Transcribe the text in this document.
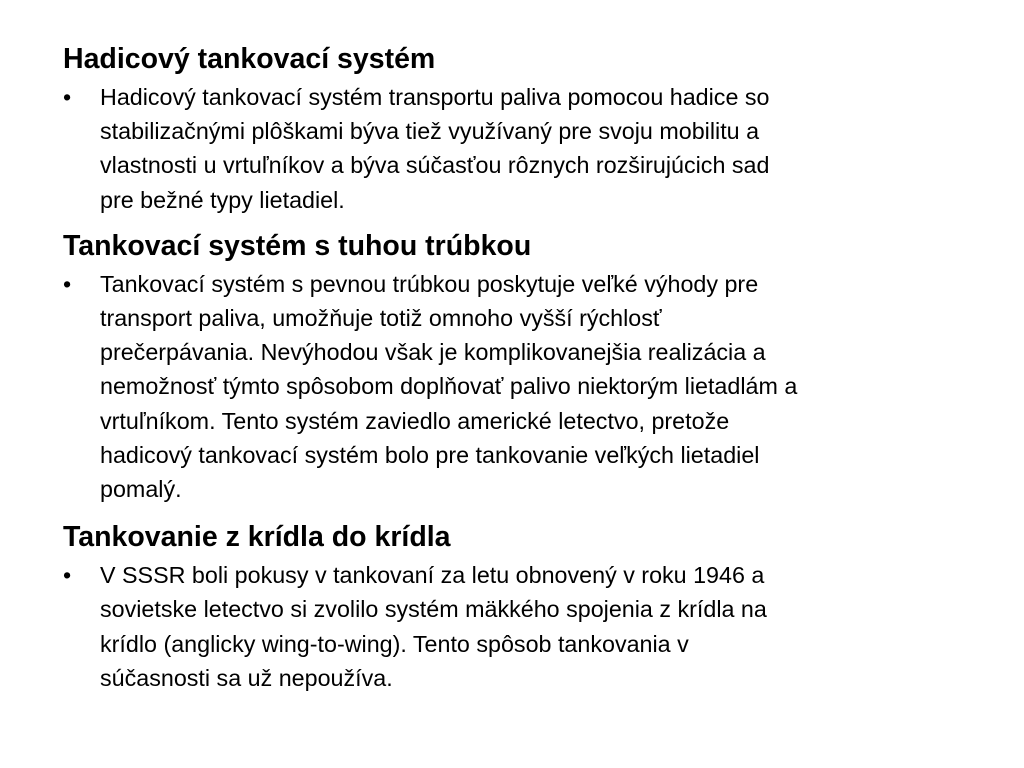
Hadicový tankovací systém
•	Hadicový tankovací systém transportu paliva pomocou hadice so
stabilizačnými plôškami býva tiež využívaný pre svoju mobilitu a
vlastnosti u vrtuľníkov a býva súčasťou rôznych rozširujúcich sad
pre bežné typy lietadiel.
Tankovací systém s tuhou trúbkou
•	Tankovací systém s pevnou trúbkou poskytuje veľké výhody pre
transport paliva, umožňuje totiž omnoho vyšší rýchlosť
prečerpávania. Nevýhodou však je komplikovanejšia realizácia a
nemožnosť týmto spôsobom doplňovať palivo niektorým lietadlám a
vrtuľníkom. Tento systém zaviedlo americké letectvo, pretože
hadicový tankovací systém bolo pre tankovanie veľkých lietadiel
pomalý.
Tankovanie z krídla do krídla
•	V SSSR boli pokusy v tankovaní za letu obnovený v roku 1946 a
sovietske letectvo si zvolilo systém mäkkého spojenia z krídla na
krídlo (anglicky wing-to-wing). Tento spôsob tankovania v
súčasnosti sa už nepoužíva.
